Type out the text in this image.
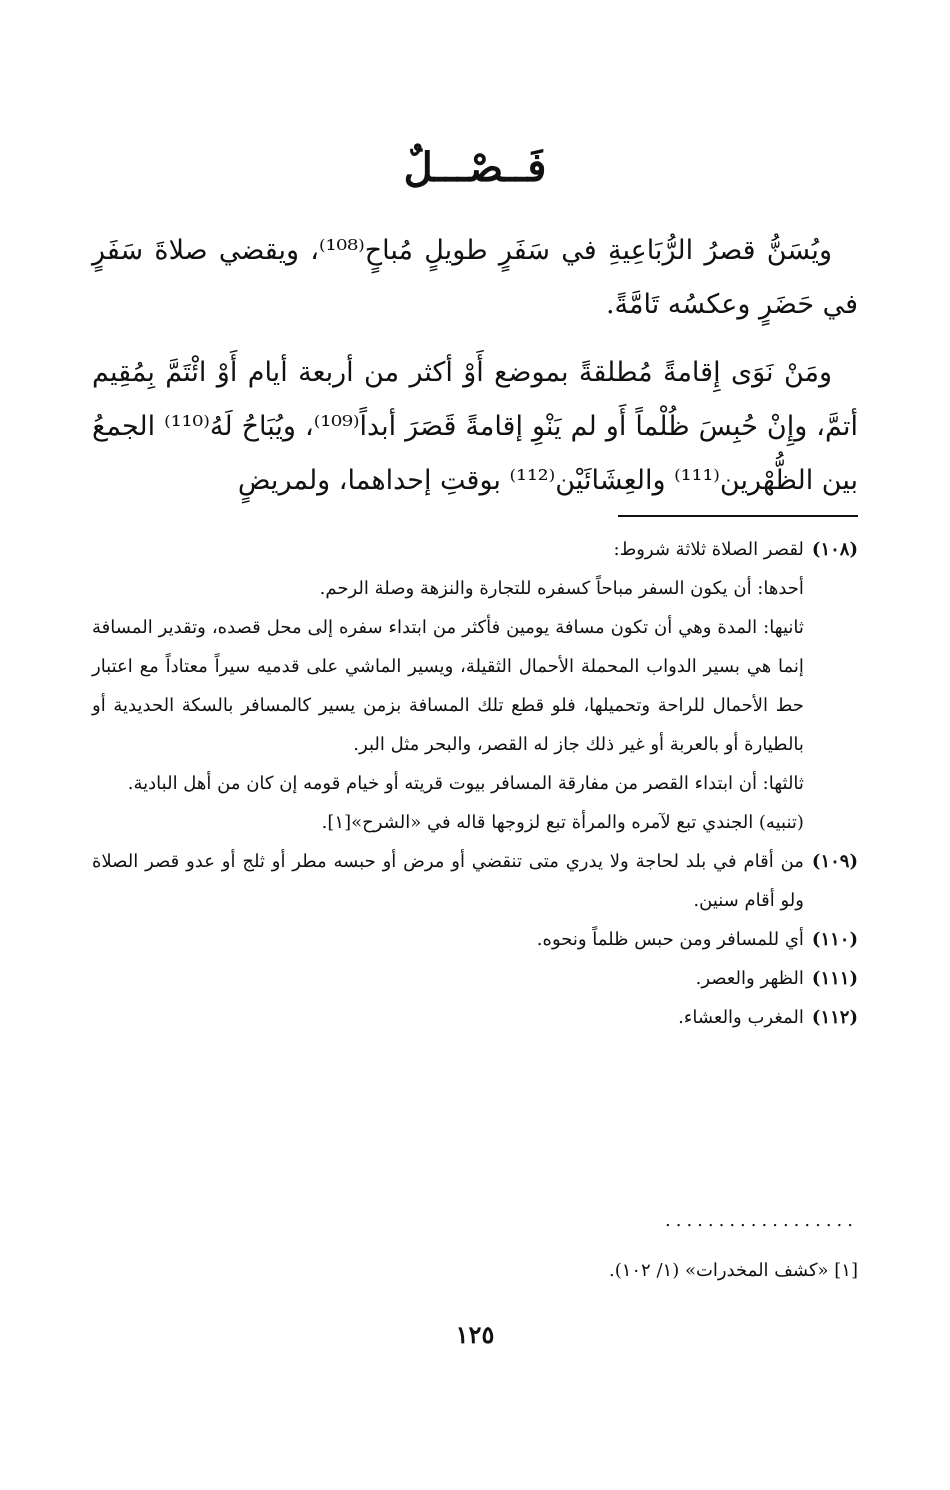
فَــصْـــلٌ

ويُسَنُّ قصرُ الرُّبَاعِيةِ في سَفَرٍ طويلٍ مُباحٍ⁽¹⁰⁸⁾، ويقضي صلاةَ سَفَرٍ في حَضَرٍ وعكسُه تَامَّةً.

ومَنْ نَوَى إِقامةً مُطلقةً بموضع أَوْ أكثر من أربعة أيام أَوْ ائْتَمَّ بِمُقِيم أتمَّ، وإِنْ حُبِسَ ظُلْماً أَو لم يَنْوِ إقامةً قَصَرَ أبداً⁽¹⁰⁹⁾، ويُبَاحُ لَهُ⁽¹¹⁰⁾ الجمعُ بين الظُّهْرين⁽¹¹¹⁾ والعِشَائَيْن⁽¹¹²⁾ بوقتِ إحداهما، ولمريضٍ

(١٠٨)

لقصر الصلاة ثلاثة شروط:

أحدها: أن يكون السفر مباحاً كسفره للتجارة والنزهة وصلة الرحم.

ثانيها: المدة وهي أن تكون مسافة يومين فأكثر من ابتداء سفره إلى محل قصده، وتقدير المسافة إنما هي بسير الدواب المحملة الأحمال الثقيلة، ويسير الماشي على قدميه سيراً معتاداً مع اعتبار حط الأحمال للراحة وتحميلها، فلو قطع تلك المسافة بزمن يسير كالمسافر بالسكة الحديدية أو بالطيارة أو بالعربة أو غير ذلك جاز له القصر، والبحر مثل البر.

ثالثها: أن ابتداء القصر من مفارقة المسافر بيوت قريته أو خيام قومه إن كان من أهل البادية.

(تنبيه) الجندي تبع لآمره والمرأة تبع لزوجها قاله في «الشرح»[١].

(١٠٩)

من أقام في بلد لحاجة ولا يدري متى تنقضي أو مرض أو حبسه مطر أو ثلج أو عدو قصر الصلاة ولو أقام سنين.

(١١٠)

أي للمسافر ومن حبس ظلماً ونحوه.

(١١١)

الظهر والعصر.

(١١٢)

المغرب والعشاء.

..................
[١] «كشف المخدرات» (١/ ١٠٢).
١٢٥
